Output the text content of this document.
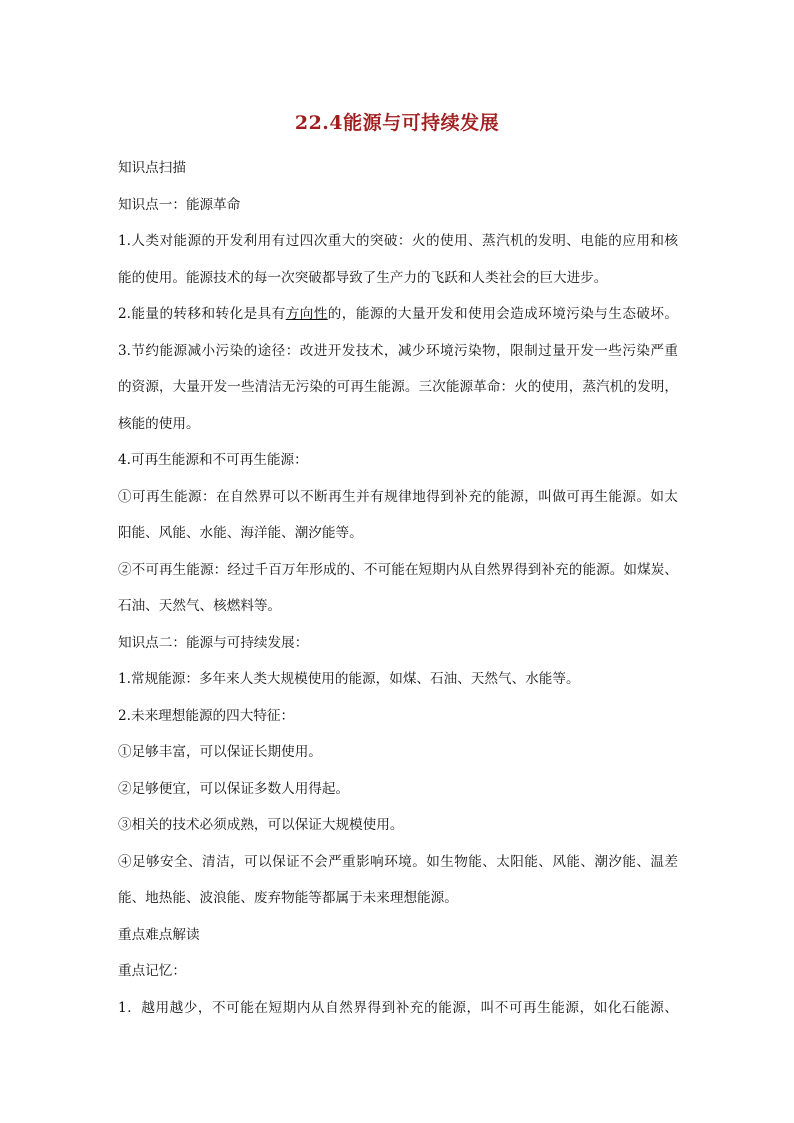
22.4能源与可持续发展
知识点扫描
知识点一：能源革命
1.人类对能源的开发利用有过四次重大的突破：火的使用、蒸汽机的发明、电能的应用和核
能的使用。能源技术的每一次突破都导致了生产力的飞跃和人类社会的巨大进步。
2.能量的转移和转化是具有方向性的，能源的大量开发和使用会造成环境污染与生态破坏。
3.节约能源减小污染的途径：改进开发技术，减少环境污染物，限制过量开发一些污染严重
的资源，大量开发一些清洁无污染的可再生能源。三次能源革命：火的使用，蒸汽机的发明，
核能的使用。
4.可再生能源和不可再生能源：
①可再生能源：在自然界可以不断再生并有规律地得到补充的能源，叫做可再生能源。如太
阳能、风能、水能、海洋能、潮汐能等。
②不可再生能源：经过千百万年形成的、不可能在短期内从自然界得到补充的能源。如煤炭、
石油、天然气、核燃料等。
知识点二：能源与可持续发展：
1.常规能源：多年来人类大规模使用的能源，如煤、石油、天然气、水能等。
2.未来理想能源的四大特征：
①足够丰富，可以保证长期使用。
②足够便宜，可以保证多数人用得起。
③相关的技术必须成熟，可以保证大规模使用。
④足够安全、清洁，可以保证不会严重影响环境。如生物能、太阳能、风能、潮汐能、温差
能、地热能、波浪能、废弃物能等都属于未来理想能源。
重点难点解读
重点记忆：
1．越用越少，不可能在短期内从自然界得到补充的能源，叫不可再生能源，如化石能源、
